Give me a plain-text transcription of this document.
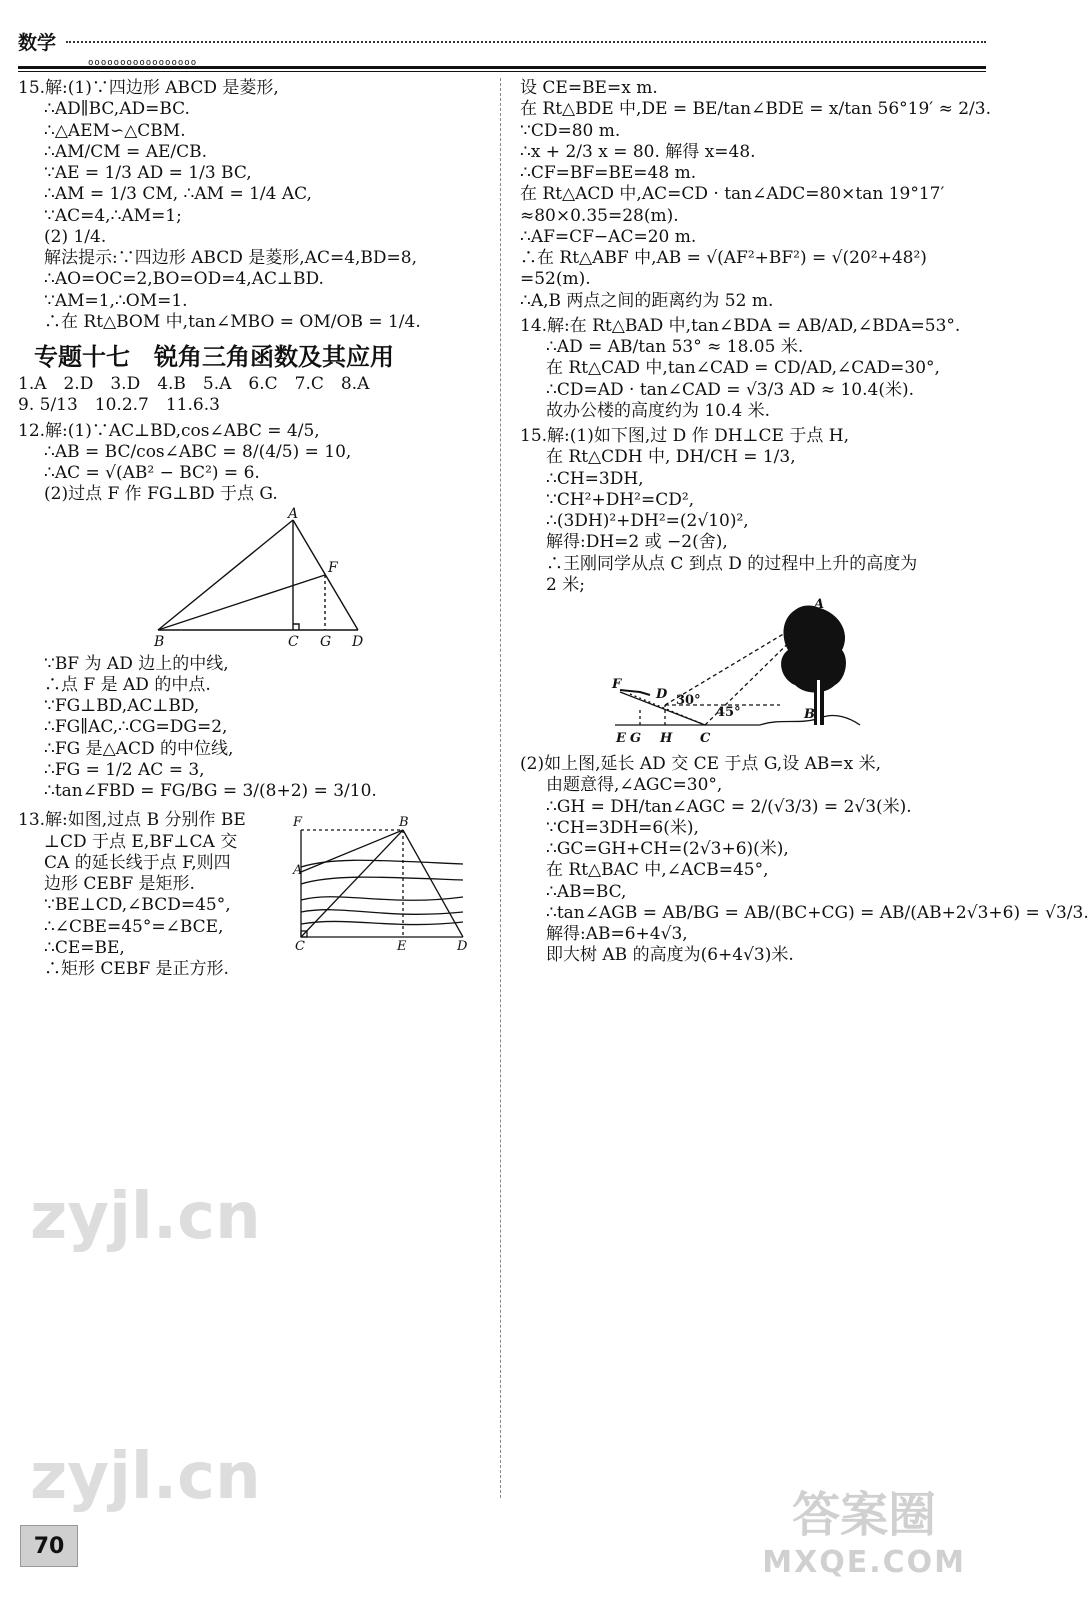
数学
ooooooooooooooooo

15.解:(1)∵四边形 ABCD 是菱形,

∴AD∥BC,AD=BC.

∴△AEM∽△CBM.

∴AM/CM = AE/CB.

∵AE = 1/3 AD = 1/3 BC,

∴AM = 1/3 CM, ∴AM = 1/4 AC,

∵AC=4,∴AM=1;

(2) 1/4.

解法提示:∵四边形 ABCD 是菱形,AC=4,BD=8,

∴AO=OC=2,BO=OD=4,AC⊥BD.

∵AM=1,∴OM=1.

∴在 Rt△BOM 中,tan∠MBO = OM/OB = 1/4.

专题十七　锐角三角函数及其应用

1.A　2.D　3.D　4.B　5.A　6.C　7.C　8.A

9. 5/13　10.2.7　11.6.3

12.解:(1)∵AC⊥BD,cos∠ABC = 4/5,

∴AB = BC/cos∠ABC = 8/(4/5) = 10,

∴AC = √(AB² − BC²) = 6.

(2)过点 F 作 FG⊥BD 于点 G.

A
F
B	C G D

∵BF 为 AD 边上的中线,

∴点 F 是 AD 的中点.

∵FG⊥BD,AC⊥BD,

∴FG∥AC,∴CG=DG=2,

∴FG 是△ACD 的中位线,

∴FG = 1/2 AC = 3,

∴tan∠FBD = FG/BG = 3/(8+2) = 3/10.

13.解:如图,过点 B 分别作 BE

⊥CD 于点 E,BF⊥CA 交

CA 的延长线于点 F,则四

边形 CEBF 是矩形.

∵BE⊥CD,∠BCD=45°,

∴∠CBE=45°=∠BCE,

∴CE=BE,

∴矩形 CEBF 是正方形.

F	B
A
C	E	D

设 CE=BE=x m.

在 Rt△BDE 中,DE = BE/tan∠BDE = x/tan 56°19′ ≈ 2/3.

∵CD=80 m.

∴x + 2/3 x = 80. 解得 x=48.

∴CF=BF=BE=48 m.

在 Rt△ACD 中,AC=CD · tan∠ADC=80×tan 19°17′

≈80×0.35=28(m).

∴AF=CF−AC=20 m.

∴在 Rt△ABF 中,AB = √(AF²+BF²) = √(20²+48²)

=52(m).

∴A,B 两点之间的距离约为 52 m.

14.解:在 Rt△BAD 中,tan∠BDA = AB/AD,∠BDA=53°.

∴AD = AB/tan 53° ≈ 18.05 米.

在 Rt△CAD 中,tan∠CAD = CD/AD,∠CAD=30°,

∴CD=AD · tan∠CAD = √3/3 AD ≈ 10.4(米).

故办公楼的高度约为 10.4 米.

15.解:(1)如下图,过 D 作 DH⊥CE 于点 H,

在 Rt△CDH 中, DH/CH = 1/3,

∴CH=3DH,

∵CH²+DH²=CD²,

∴(3DH)²+DH²=(2√10)²,

解得:DH=2 或 −2(舍),

∴王刚同学从点 C 到点 D 的过程中上升的高度为

2 米;

A
F
D 30°
45°	B
E G H C

(2)如上图,延长 AD 交 CE 于点 G,设 AB=x 米,

由题意得,∠AGC=30°,

∴GH = DH/tan∠AGC = 2/(√3/3) = 2√3(米).

∵CH=3DH=6(米),

∴GC=GH+CH=(2√3+6)(米),

在 Rt△BAC 中,∠ACB=45°,

∴AB=BC,

∴tan∠AGB = AB/BG = AB/(BC+CG) = AB/(AB+2√3+6) = √3/3.

解得:AB=6+4√3,

即大树 AB 的高度为(6+4√3)米.

70
zyjl.cn
zyjl.cn
答案圈
MXQE.COM
